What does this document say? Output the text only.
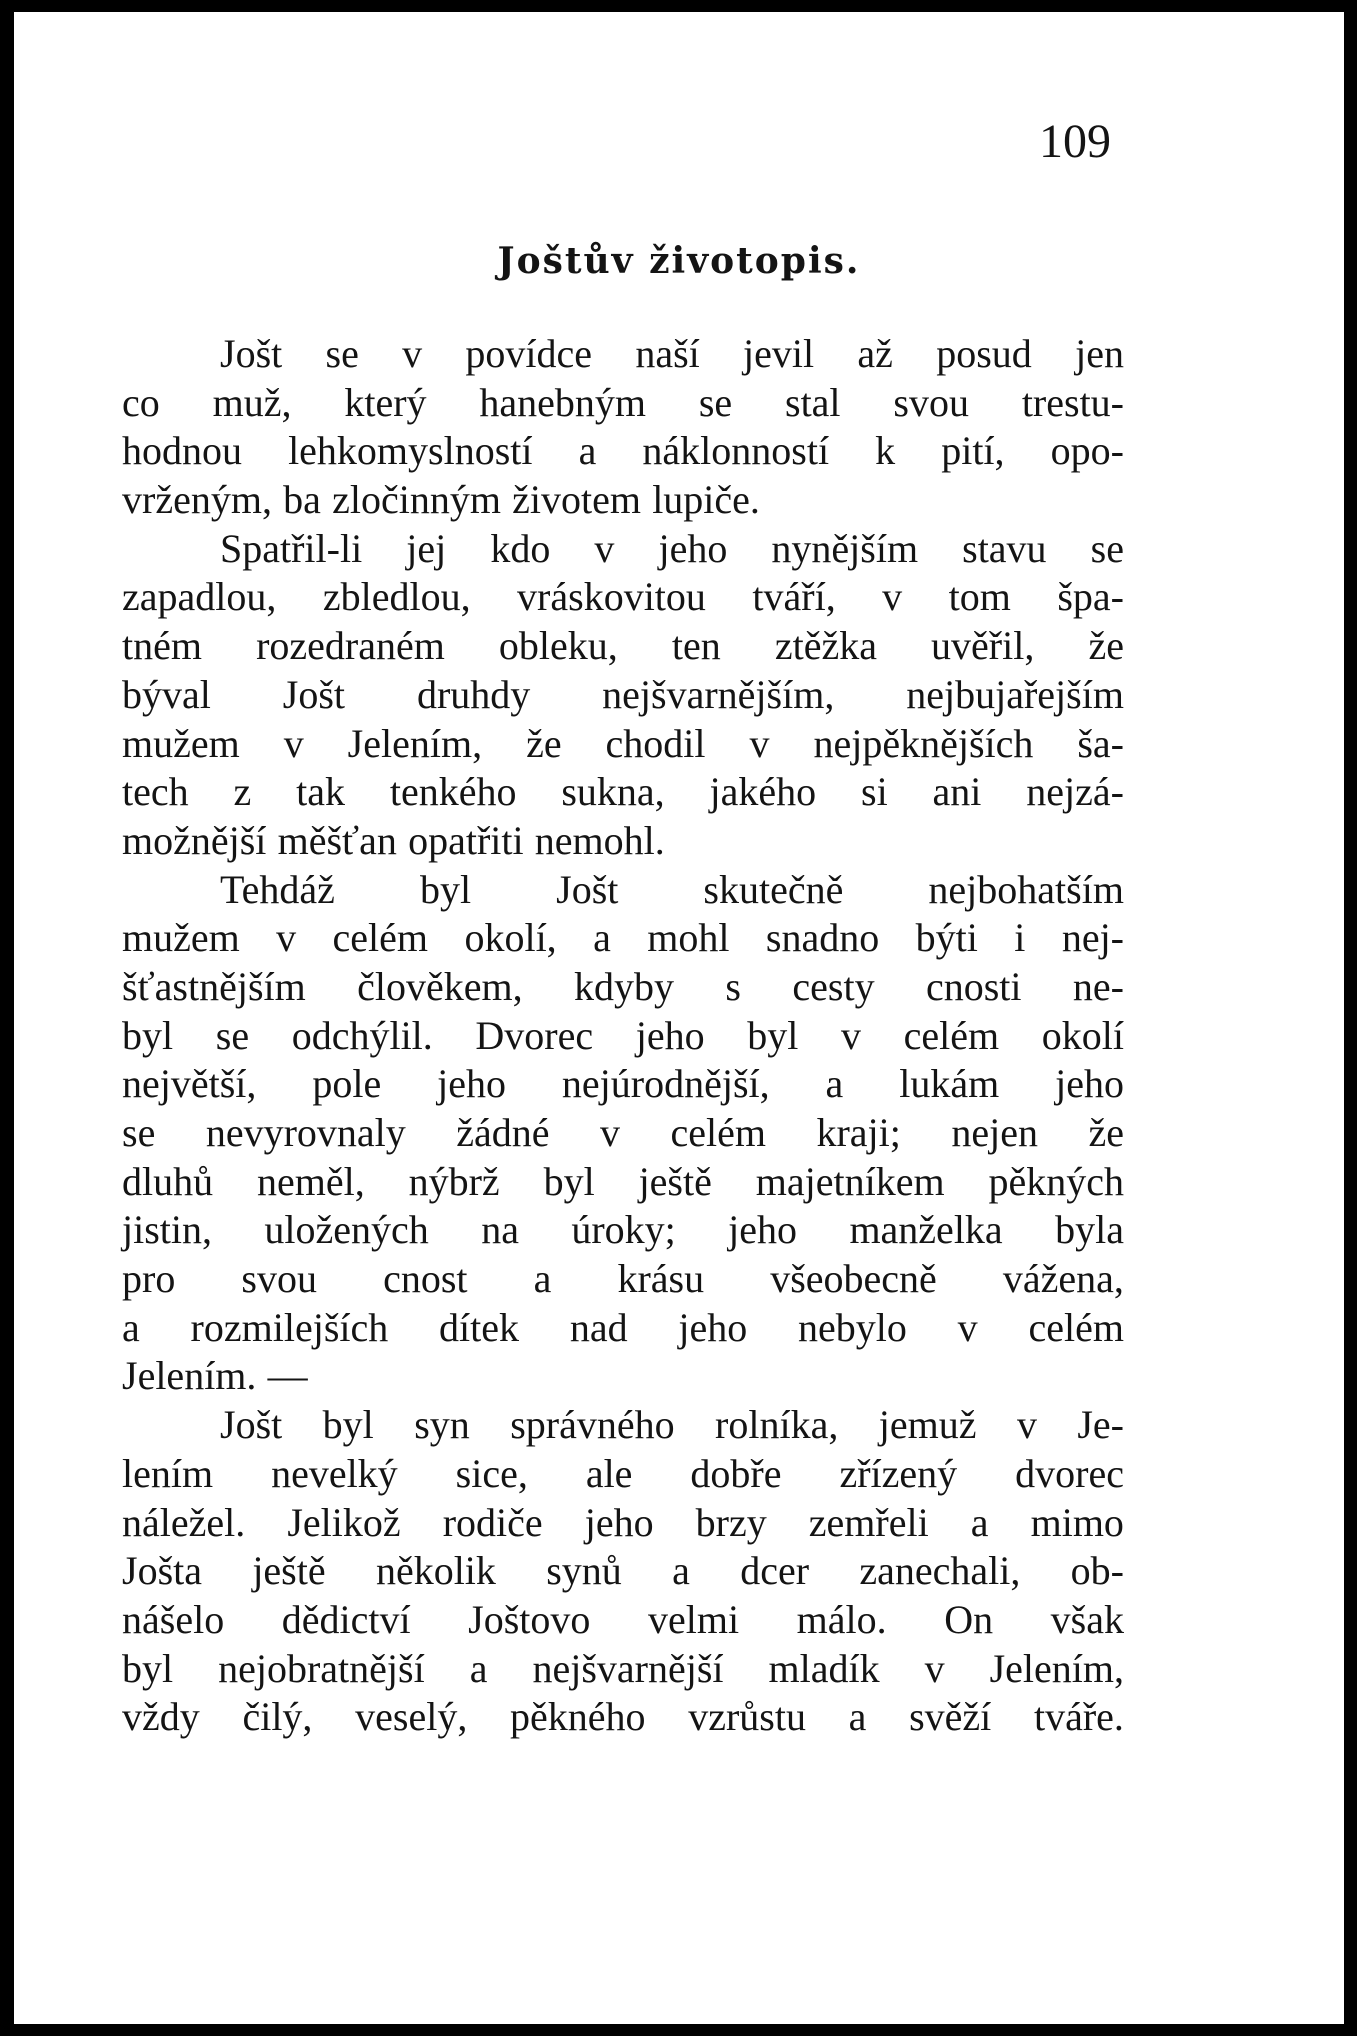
109
Joštův životopis.
Jošt se v povídce naší jevil až posud jen
co muž, který hanebným se stal svou trestu-
hodnou lehkomyslností a náklonností k pití, opo-
vrženým, ba zločinným životem lupiče.
Spatřil-li jej kdo v jeho nynějším stavu se
zapadlou, zbledlou, vráskovitou tváří, v tom špa-
tném rozedraném obleku, ten ztěžka uvěřil, že
býval Jošt druhdy nejšvarnějším, nejbujařejším
mužem v Jelením, že chodil v nejpěknějších ša-
tech z tak tenkého sukna, jakého si ani nejzá-
možnější měšťan opatřiti nemohl.
Tehdáž byl Jošt skutečně nejbohatším
mužem v celém okolí, a mohl snadno býti i nej-
šťastnějším člověkem, kdyby s cesty cnosti ne-
byl se odchýlil. Dvorec jeho byl v celém okolí
největší, pole jeho nejúrodnější, a lukám jeho
se nevyrovnaly žádné v celém kraji; nejen že
dluhů neměl, nýbrž byl ještě majetníkem pěkných
jistin, uložených na úroky; jeho manželka byla
pro svou cnost a krásu všeobecně vážena,
a rozmilejších dítek nad jeho nebylo v celém
Jelením. —
Jošt byl syn správného rolníka, jemuž v Je-
lením nevelký sice, ale dobře zřízený dvorec
náležel. Jelikož rodiče jeho brzy zemřeli a mimo
Jošta ještě několik synů a dcer zanechali, ob-
nášelo dědictví Joštovo velmi málo. On však
byl nejobratnější a nejšvarnější mladík v Jelením,
vždy čilý, veselý, pěkného vzrůstu a svěží tváře.
